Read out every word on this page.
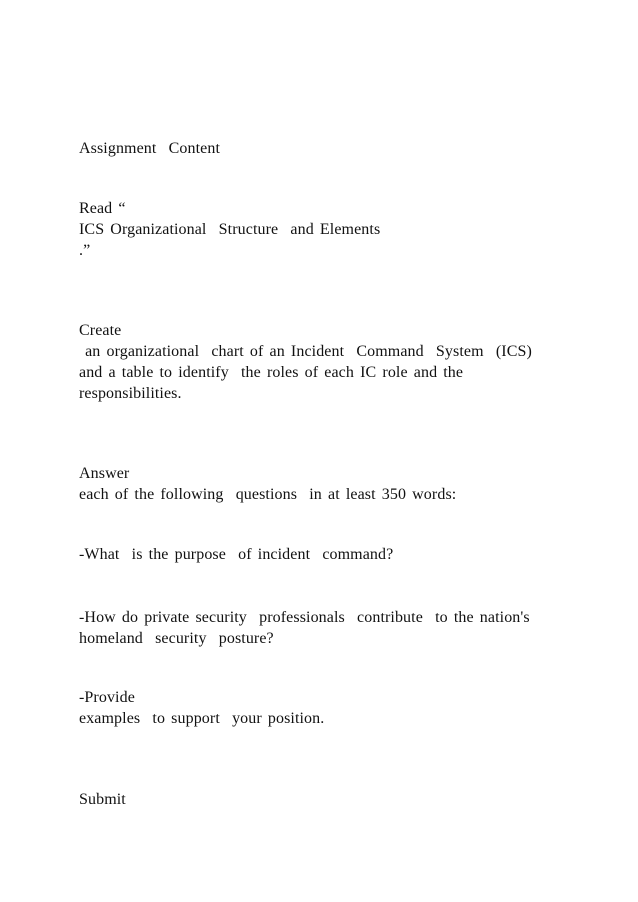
Assignment  Content
Read “
ICS Organizational  Structure  and Elements
.”
Create
an organizational  chart of an Incident  Command  System  (ICS)
and a table to identify  the roles of each IC role and the
responsibilities.
Answer
each of the following  questions  in at least 350 words:
-What  is the purpose  of incident  command?
-How do private security  professionals  contribute  to the nation's
homeland  security  posture?
-Provide
examples  to support  your position.
Submit
